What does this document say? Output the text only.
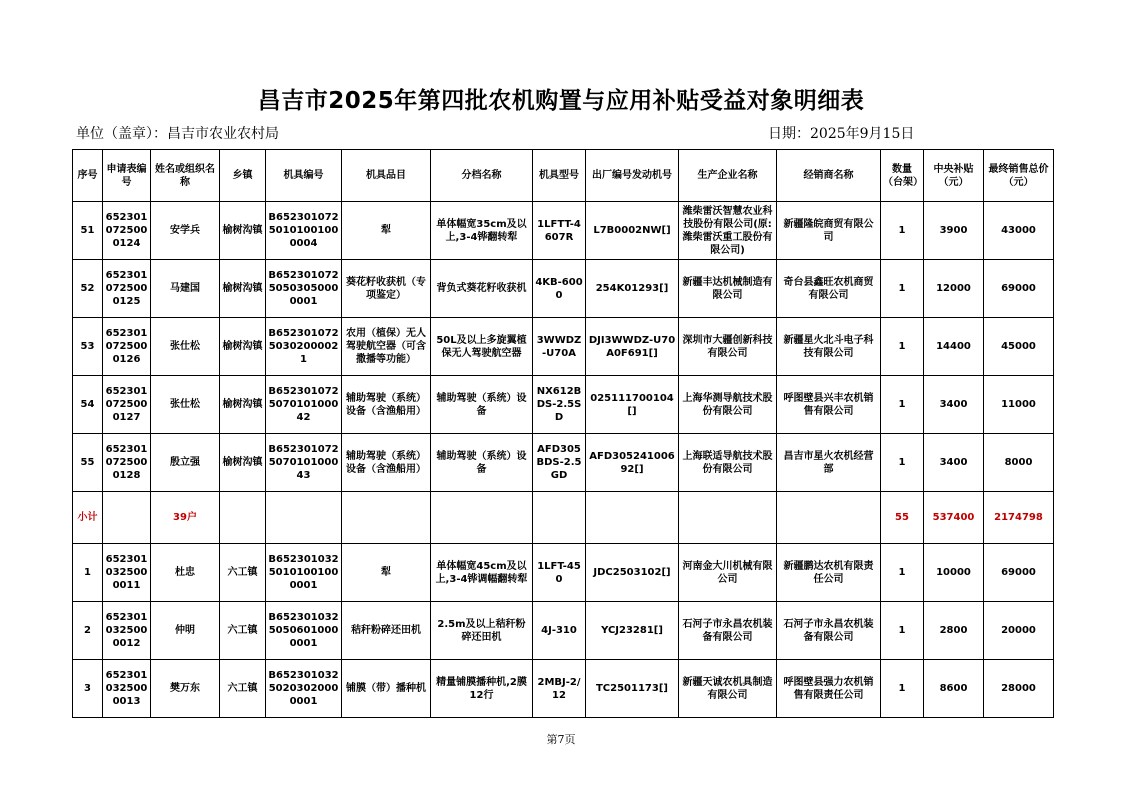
昌吉市2025年第四批农机购置与应用补贴受益对象明细表
单位（盖章）：昌吉市农业农村局	日期：2025年9月15日
序号	申请表编号	姓名或组织名称	乡镇	机具编号	机具品目	分档名称	机具型号	出厂编号发动机号	生产企业名称	经销商名称	数量（台架）	中央补贴（元）	最终销售总价（元）
51	6523010725000124	安学兵	榆树沟镇	B65230107250101001000004	犁	单体幅宽35cm及以上,3-4铧翻转犁	1LFTT-4607R	L7B0002NW[]	潍柴雷沃智慧农业科技股份有限公司(原:潍柴雷沃重工股份有限公司)	新疆隆皖商贸有限公司	1	3900	43000
52	6523010725000125	马建国	榆树沟镇	B65230107250503050000001	葵花籽收获机（专项鉴定）	背负式葵花籽收获机	4KB-6000	254K01293[]	新疆丰达机械制造有限公司	奇台县鑫旺农机商贸有限公司	1	12000	69000
53	6523010725000126	张仕松	榆树沟镇	B65230107250302000021	农用（植保）无人驾驶航空器（可含撒播等功能）	50L及以上多旋翼植保无人驾驶航空器	3WWDZ-U70A	DJI3WWDZ-U70A0F691[]	深圳市大疆创新科技有限公司	新疆星火北斗电子科技有限公司	1	14400	45000
54	6523010725000127	张仕松	榆树沟镇	B652301072507010100042	辅助驾驶（系统）设备（含渔船用）	辅助驾驶（系统）设备	NX612BDS-2.5SD	025111700104[]	上海华测导航技术股份有限公司	呼图壁县兴丰农机销售有限公司	1	3400	11000
55	6523010725000128	殷立强	榆树沟镇	B652301072507010100043	辅助驾驶（系统）设备（含渔船用）	辅助驾驶（系统）设备	AFD305BDS-2.5GD	AFD30524100692[]	上海联适导航技术股份有限公司	昌吉市星火农机经营部	1	3400	8000
小计		39户									55	537400	2174798
1	6523010325000011	杜忠	六工镇	B65230103250101001000001	犁	单体幅宽45cm及以上,3-4铧调幅翻转犁	1LFT-450	JDC2503102[]	河南金大川机械有限公司	新疆鹏达农机有限责任公司	1	10000	69000
2	6523010325000012	仲明	六工镇	B65230103250506010000001	秸秆粉碎还田机	2.5m及以上秸秆粉碎还田机	4J-310	YCJ23281[]	石河子市永昌农机装备有限公司	石河子市永昌农机装备有限公司	1	2800	20000
3	6523010325000013	樊万东	六工镇	B65230103250203020000001	铺膜（带）播种机	精量铺膜播种机,2膜12行	2MBJ-2/12	TC2501173[]	新疆天诚农机具制造有限公司	呼图壁县强力农机销售有限责任公司	1	8600	28000
第7页
